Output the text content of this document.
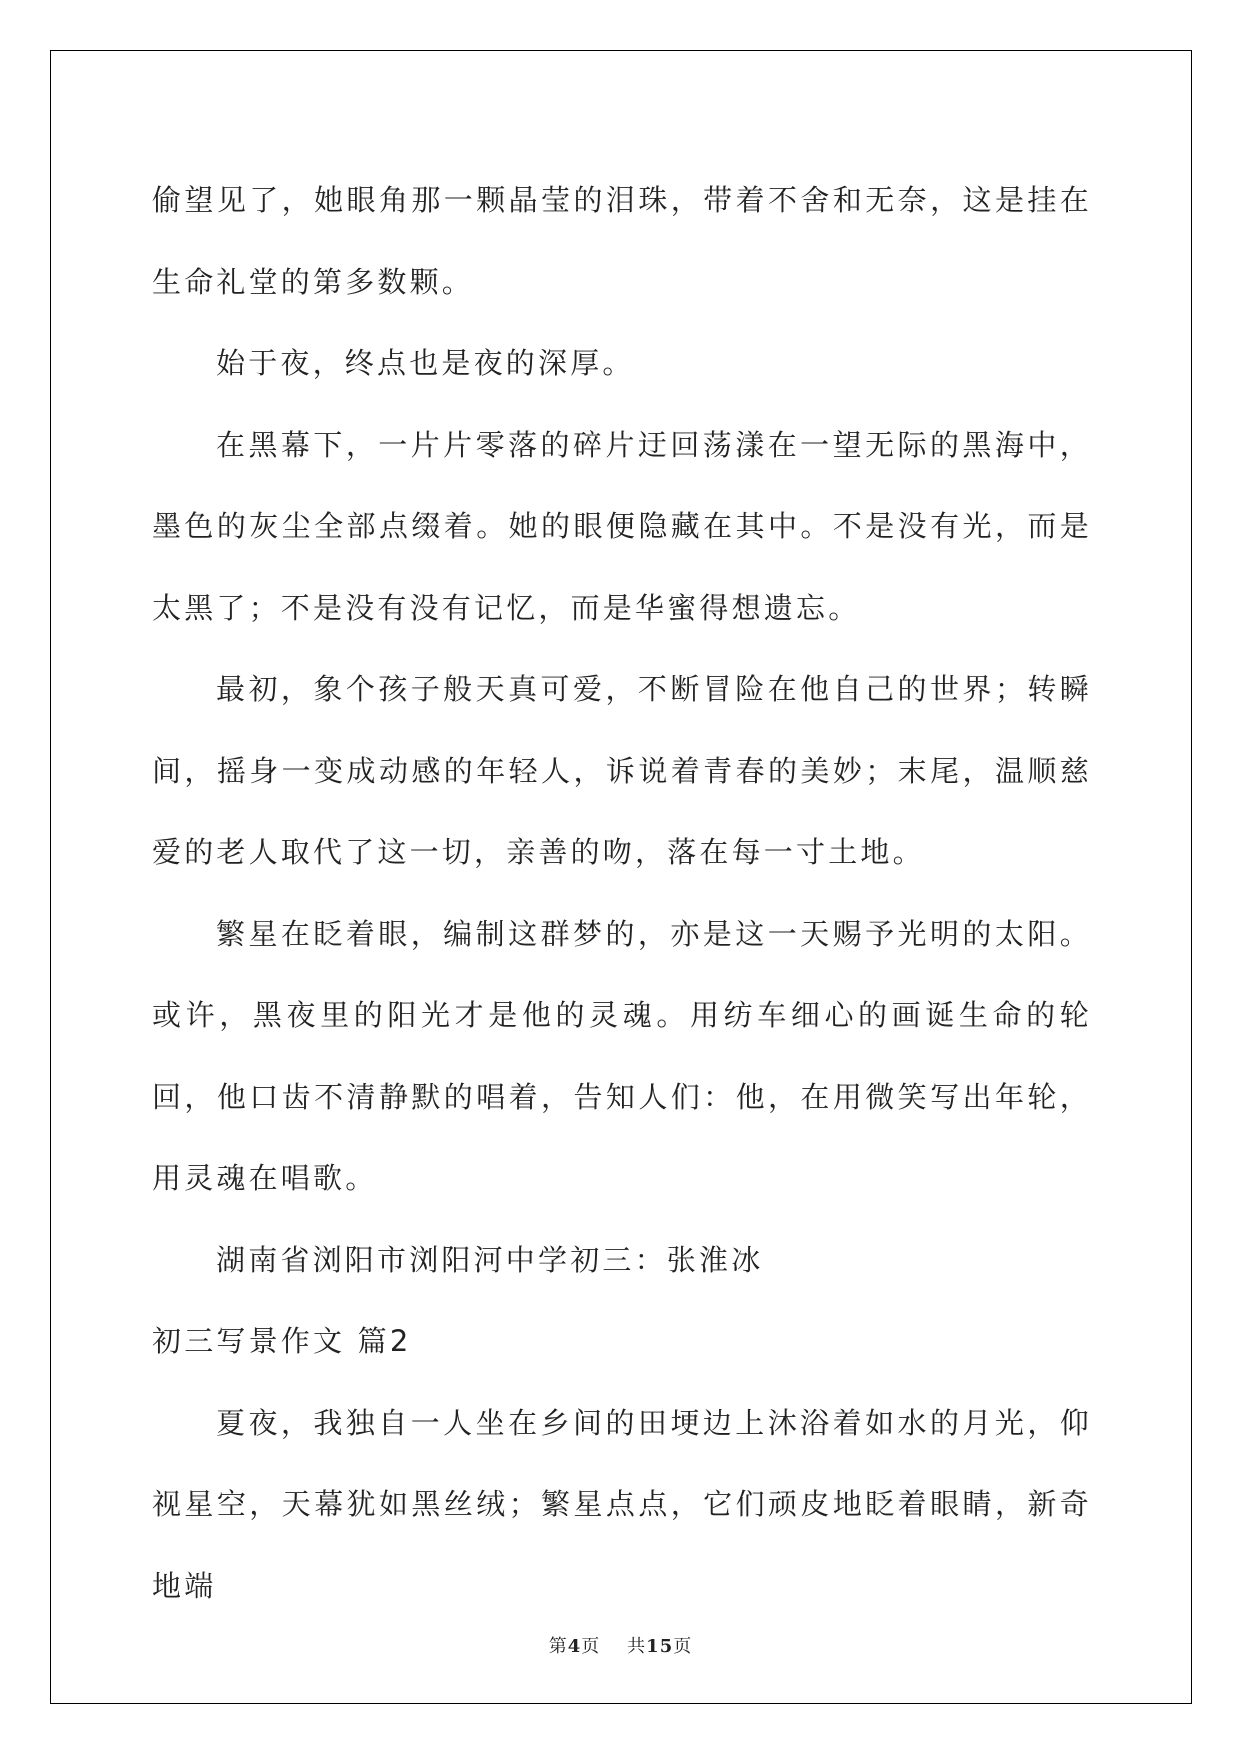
偷望见了，她眼角那一颗晶莹的泪珠，带着不舍和无奈，这是挂在生命礼堂的第多数颗。

始于夜，终点也是夜的深厚。

在黑幕下，一片片零落的碎片迂回荡漾在一望无际的黑海中，墨色的灰尘全部点缀着。她的眼便隐藏在其中。不是没有光，而是太黑了；不是没有没有记忆，而是华蜜得想遗忘。

最初，象个孩子般天真可爱，不断冒险在他自己的世界；转瞬间，摇身一变成动感的年轻人，诉说着青春的美妙；末尾，温顺慈爱的老人取代了这一切，亲善的吻，落在每一寸土地。

繁星在眨着眼，编制这群梦的，亦是这一天赐予光明的太阳。或许，黑夜里的阳光才是他的灵魂。用纺车细心的画诞生命的轮回，他口齿不清静默的唱着，告知人们：他，在用微笑写出年轮，用灵魂在唱歌。

湖南省浏阳市浏阳河中学初三：张淮冰

初三写景作文 篇2

夏夜，我独自一人坐在乡间的田埂边上沐浴着如水的月光，仰视星空，天幕犹如黑丝绒；繁星点点，它们顽皮地眨着眼睛，新奇地端

第4页 共15页
